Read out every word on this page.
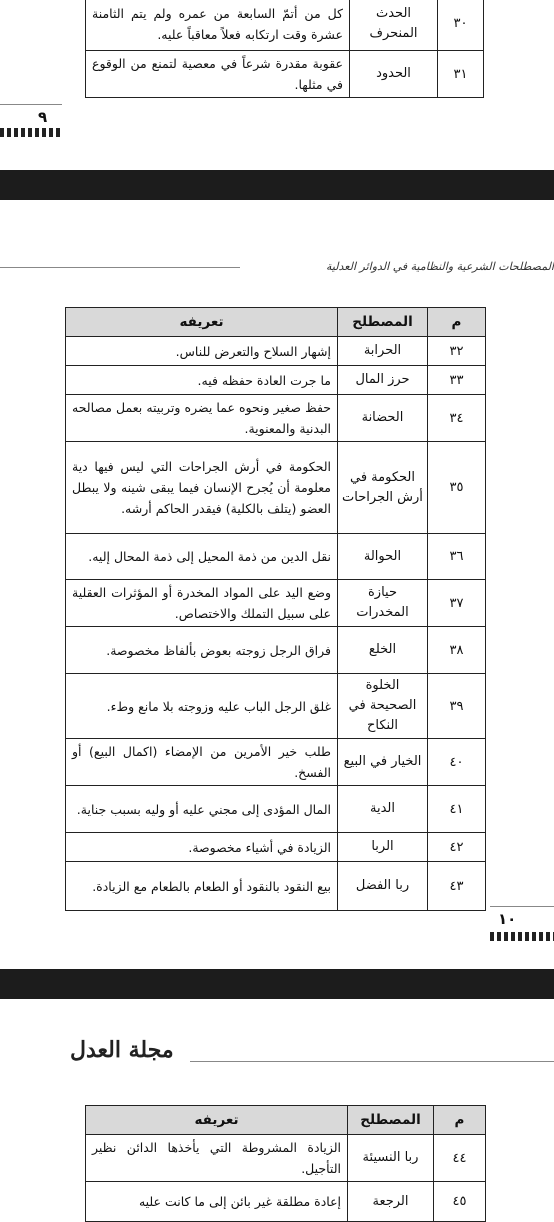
٣٠	الحدث المنحرف	كل من أتمّ السابعة من عمره ولم يتم الثامنة عشرة وقت ارتكابه فعلاً معاقباً عليه.
٣١	الحدود	عقوبة مقدرة شرعاً في معصية لتمنع من الوقوع في مثلها.
٩
المصطلحات الشرعية والنظامية في الدوائر العدلية
م	المصطلح	تعريفه
٣٢	الحرابة	إشهار السلاح والتعرض للناس.
٣٣	حرز المال	ما جرت العادة حفظه فيه.
٣٤	الحضانة	حفظ صغير ونحوه عما يضره وتربيته بعمل مصالحه البدنية والمعنوية.
٣٥	الحكومة في أرش الجراحات	الحكومة في أرش الجراحات التي ليس فيها دية معلومة أن يُجرح الإنسان فيما يبقى شينه ولا يبطل العضو (يتلف بالكلية) فيقدر الحاكم أرشه.
٣٦	الحوالة	نقل الدين من ذمة المحيل إلى ذمة المحال إليه.
٣٧	حيازة المخدرات	وضع اليد على المواد المخدرة أو المؤثرات العقلية على سبيل التملك والاختصاص.
٣٨	الخلع	فراق الرجل زوجته بعوض بألفاظ مخصوصة.
٣٩	الخلوة الصحيحة في النكاح	غلق الرجل الباب عليه وزوجته بلا مانع وطء.
٤٠	الخيار في البيع	طلب خير الأمرين من الإمضاء (اكمال البيع) أو الفسخ.
٤١	الدية	المال المؤدى إلى مجني عليه أو وليه بسبب جناية.
٤٢	الربا	الزيادة في أشياء مخصوصة.
٤٣	ربا الفضل	بيع النقود بالنقود أو الطعام بالطعام مع الزيادة.
١٠
مجلة العدل
م	المصطلح	تعريفه
٤٤	ربا النسيئة	الزيادة المشروطة التي يأخذها الدائن نظير التأجيل.
٤٥	الرجعة	إعادة مطلقة غير بائن إلى ما كانت عليه
